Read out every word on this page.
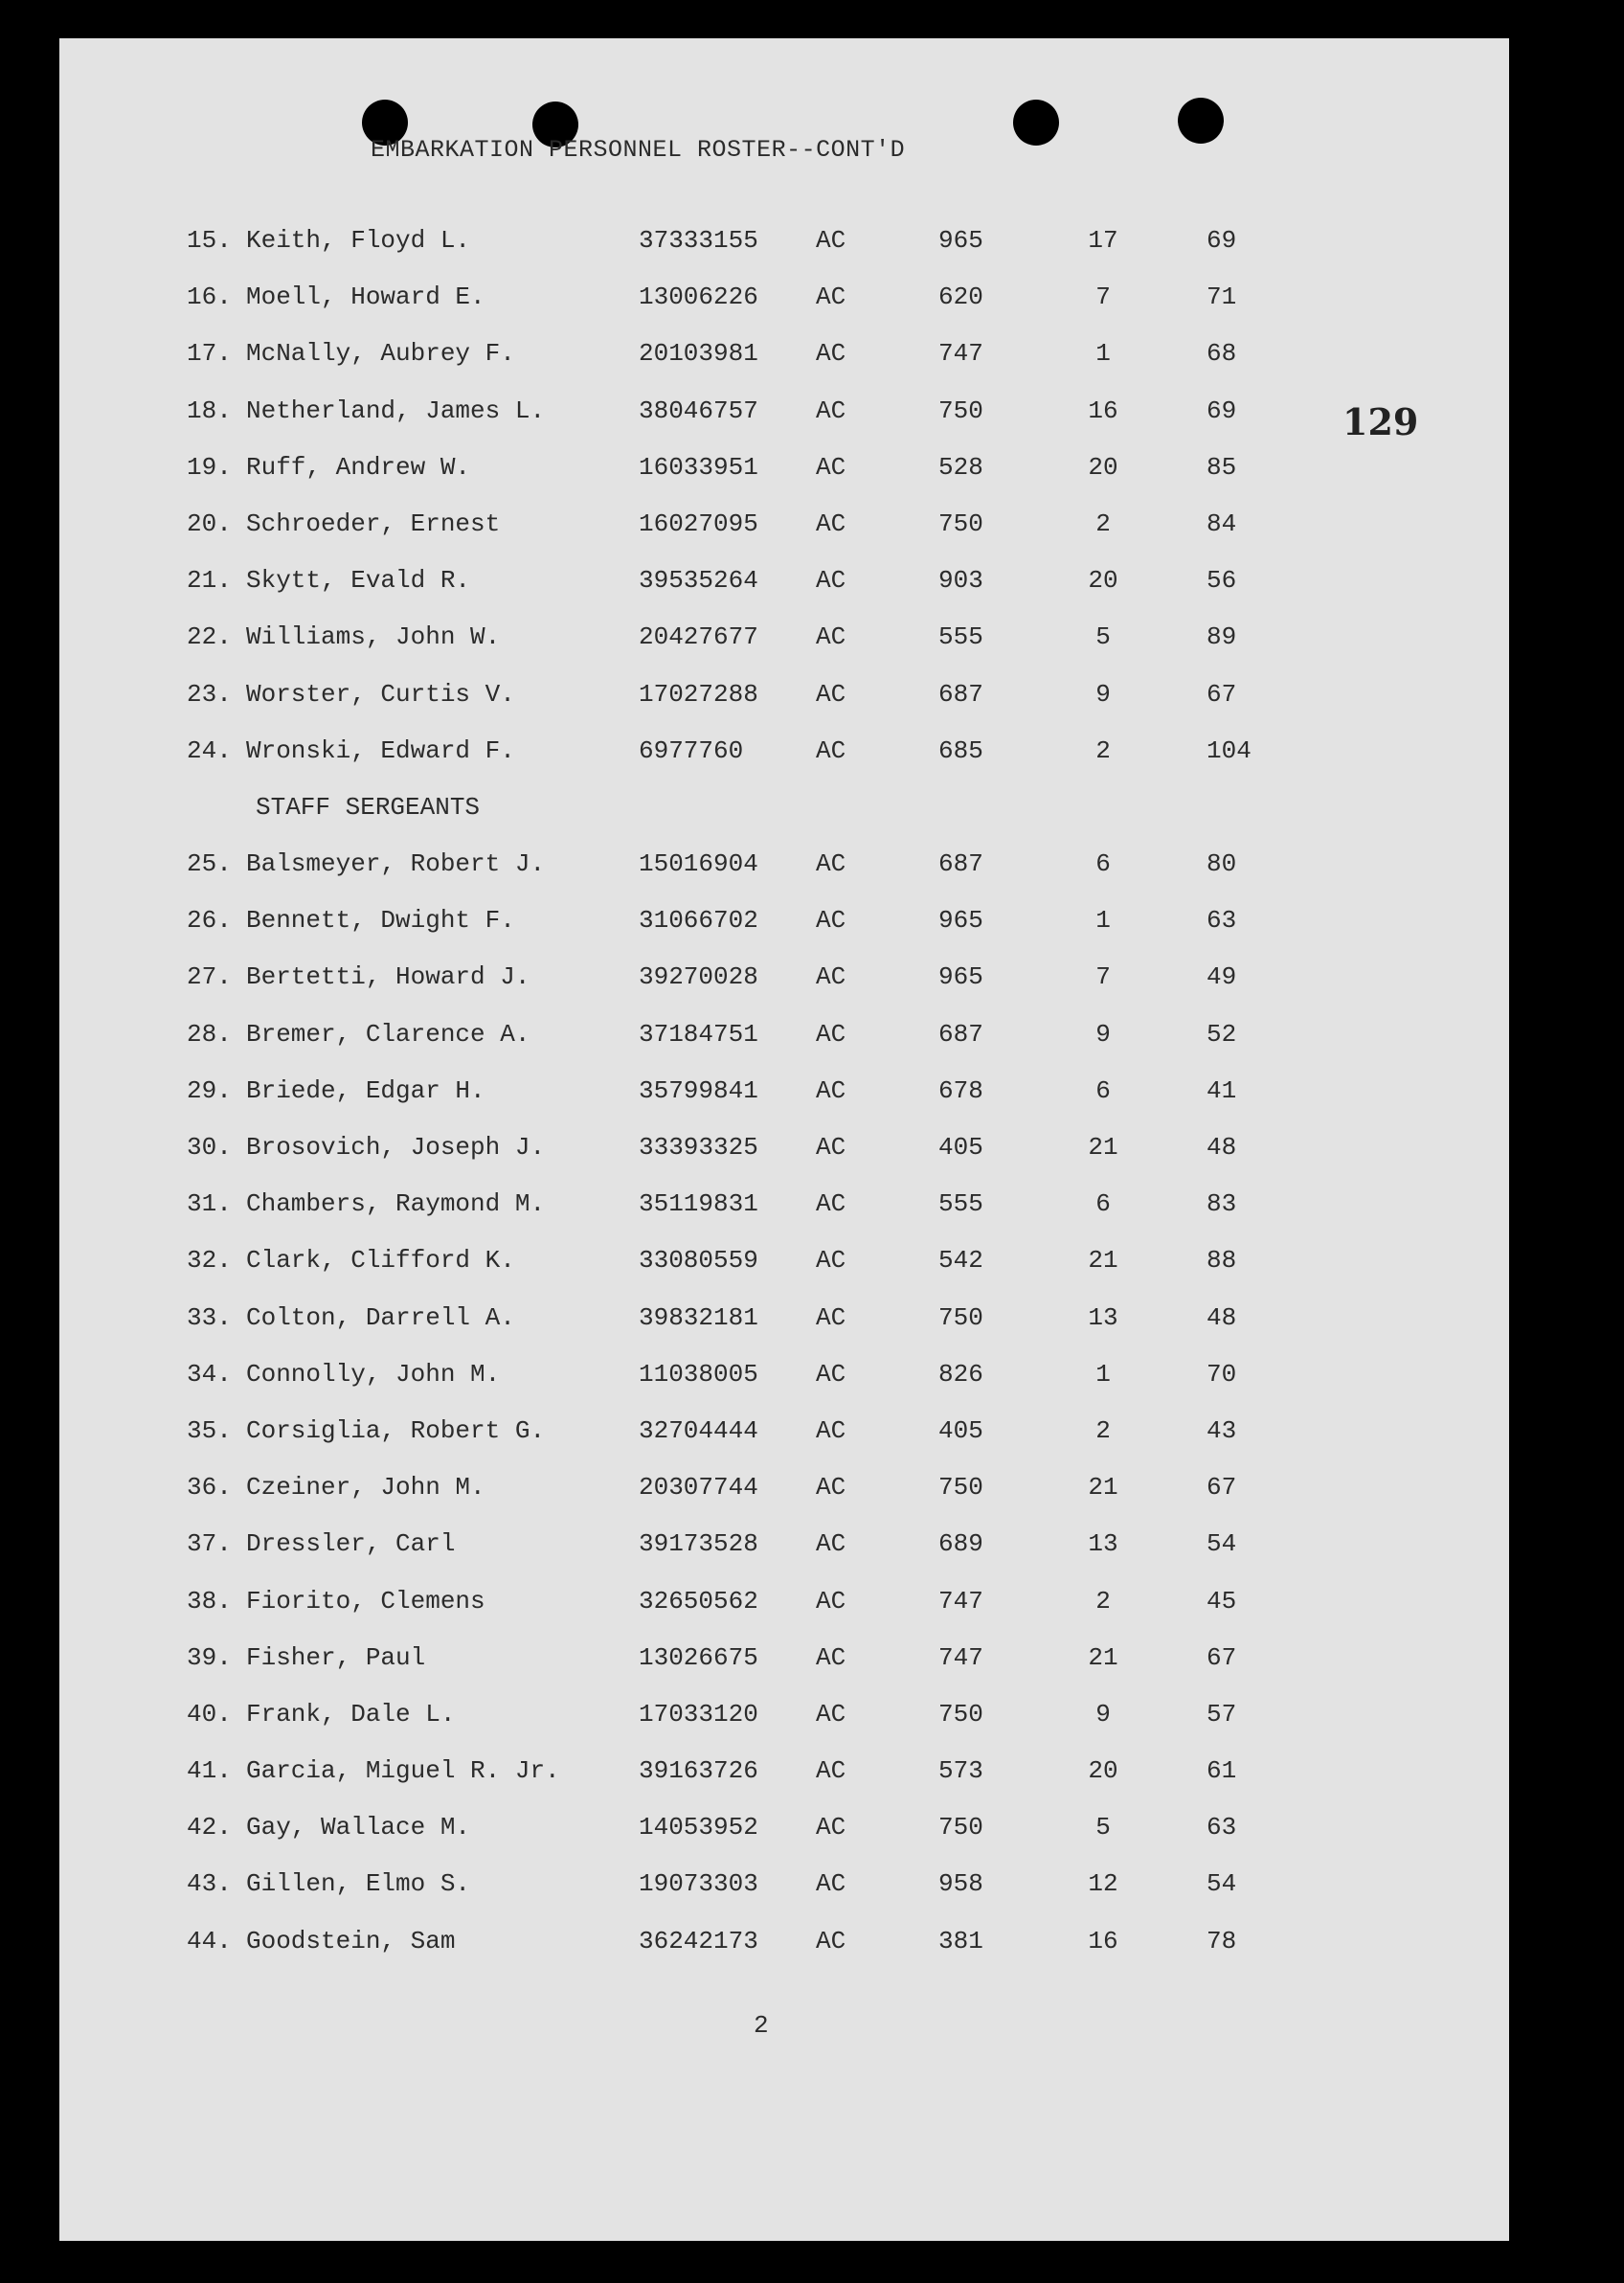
EMBARKATION PERSONNEL ROSTER--CONT'D
15. Keith, Floyd L.	37333155 AC	965	17	69
16. Moell, Howard E.	13006226 AC	620	7	71
17. McNally, Aubrey F.	20103981 AC	747	1	68
18. Netherland, James L.	38046757 AC	750	16	69
19. Ruff, Andrew W.	16033951 AC	528	20	85
20. Schroeder, Ernest	16027095 AC	750	2	84
21. Skytt, Evald R.	39535264 AC	903	20	56
22. Williams, John W.	20427677 AC	555	5	89
23. Worster, Curtis V.	17027288 AC	687	9	67
24. Wronski, Edward F.	6977760	AC	685	2	104
STAFF SERGEANTS
25. Balsmeyer, Robert J.	15016904 AC	687	6	80
26. Bennett, Dwight F.	31066702 AC	965	1	63
27. Bertetti, Howard J.	39270028 AC	965	7	49
28. Bremer, Clarence A.	37184751 AC	687	9	52
29. Briede, Edgar H.	35799841 AC	678	6	41
30. Brosovich, Joseph J.	33393325 AC	405	21	48
31. Chambers, Raymond M.	35119831 AC	555	6	83
32. Clark, Clifford K.	33080559 AC	542	21	88
33. Colton, Darrell A.	39832181 AC	750	13	48
34. Connolly, John M.	11038005 AC	826	1	70
35. Corsiglia, Robert G.	32704444 AC	405	2	43
36. Czeiner, John M.	20307744 AC	750	21	67
37. Dressler, Carl	39173528 AC	689	13	54
38. Fiorito, Clemens	32650562 AC	747	2	45
39. Fisher, Paul	13026675 AC	747	21	67
40. Frank, Dale L.	17033120 AC	750	9	57
41. Garcia, Miguel R. Jr.	39163726 AC	573	20	61
42. Gay, Wallace M.	14053952 AC	750	5	63
43. Gillen, Elmo S.	19073303 AC	958	12	54
44. Goodstein, Sam	36242173 AC	381	16	78
129
2
